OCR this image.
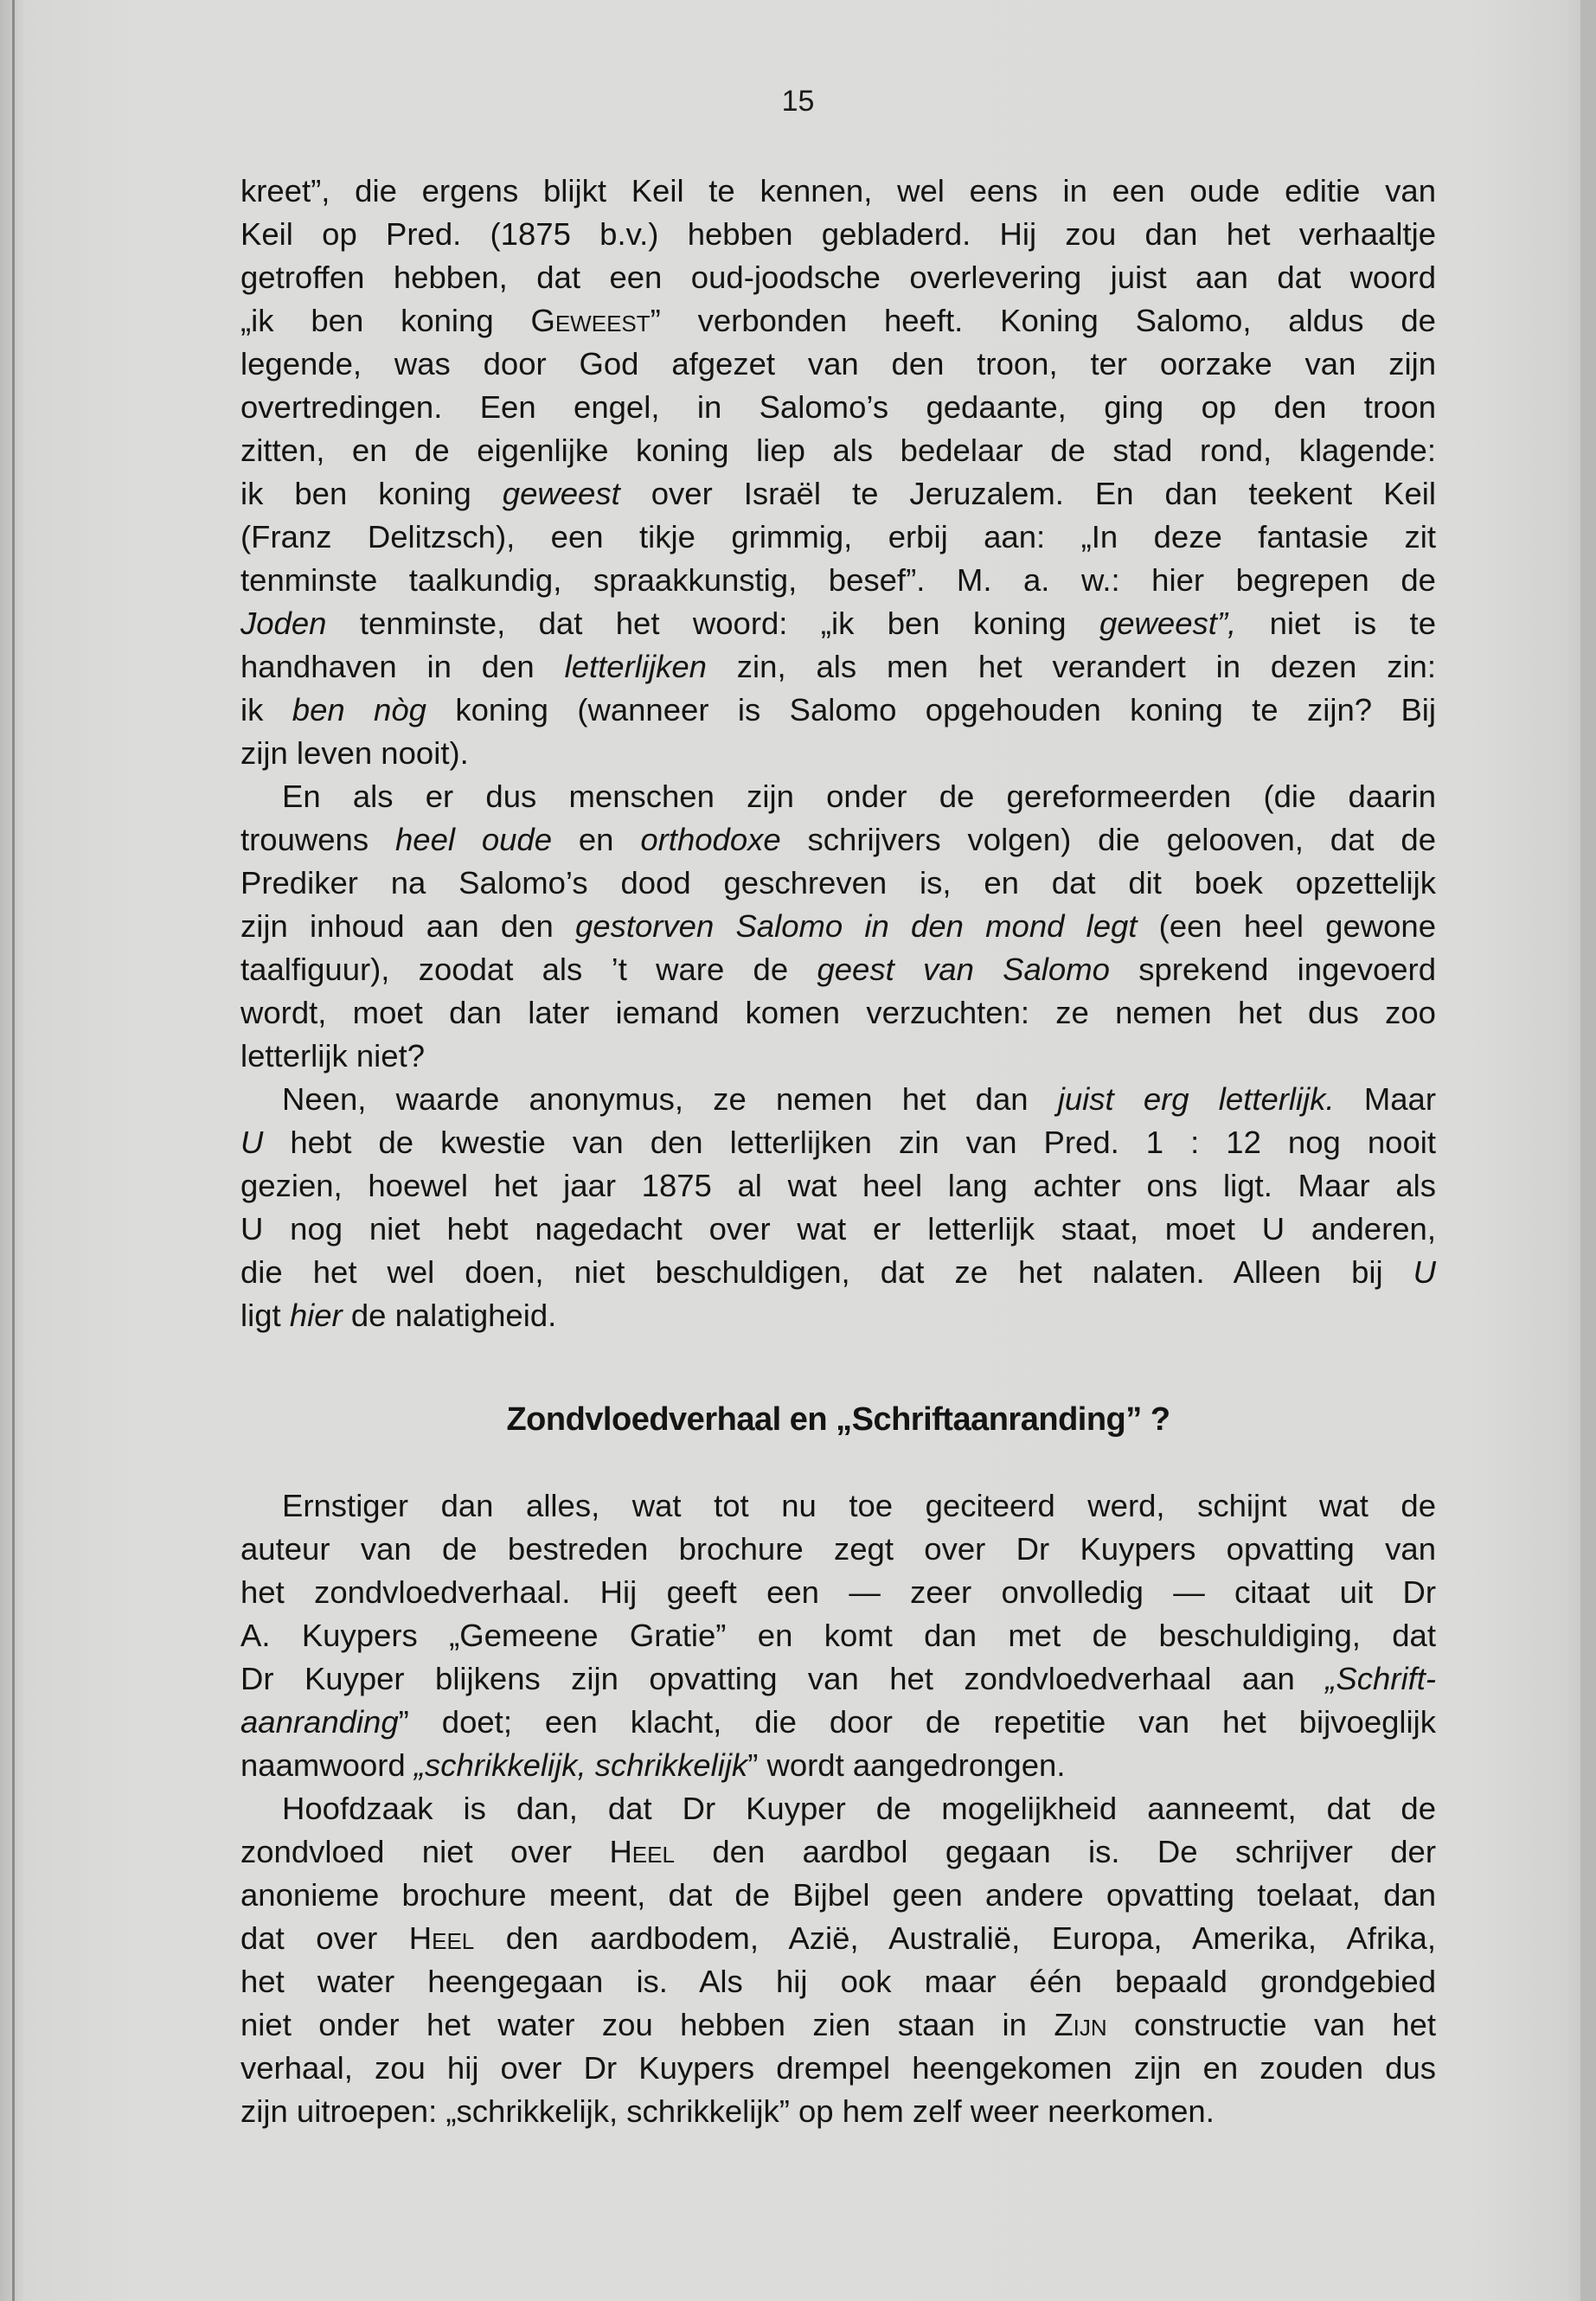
15
kreet”, die ergens blijkt Keil te kennen, wel eens in een oude editie van
Keil op Pred. (1875 b.v.) hebben gebladerd. Hij zou dan het verhaaltje
getroffen hebben, dat een oud-joodsche overlevering juist aan dat woord
„ik ben koning Geweest” verbonden heeft. Koning Salomo, aldus de
legende, was door God afgezet van den troon, ter oorzake van zijn
overtredingen. Een engel, in Salomo’s gedaante, ging op den troon
zitten, en de eigenlijke koning liep als bedelaar de stad rond, klagende:
ik ben koning geweest over Israël te Jeruzalem. En dan teekent Keil
(Franz Delitzsch), een tikje grimmig, erbij aan: „In deze fantasie zit
tenminste taalkundig, spraakkunstig, besef”. M. a. w.: hier begrepen de
Joden tenminste, dat het woord: „ik ben koning geweest”, niet is te
handhaven in den letterlijken zin, als men het verandert in dezen zin:
ik ben nòg koning (wanneer is Salomo opgehouden koning te zijn? Bij
zijn leven nooit).
En als er dus menschen zijn onder de gereformeerden (die daarin
trouwens heel oude en orthodoxe schrijvers volgen) die gelooven, dat de
Prediker na Salomo’s dood geschreven is, en dat dit boek opzettelijk
zijn inhoud aan den gestorven Salomo in den mond legt (een heel gewone
taalfiguur), zoodat als ’t ware de geest van Salomo sprekend ingevoerd
wordt, moet dan later iemand komen verzuchten: ze nemen het dus zoo
letterlijk niet?
Neen, waarde anonymus, ze nemen het dan juist erg letterlijk. Maar
U hebt de kwestie van den letterlijken zin van Pred. 1 : 12 nog nooit
gezien, hoewel het jaar 1875 al wat heel lang achter ons ligt. Maar als
U nog niet hebt nagedacht over wat er letterlijk staat, moet U anderen,
die het wel doen, niet beschuldigen, dat ze het nalaten. Alleen bij U
ligt hier de nalatigheid.
Zondvloedverhaal en „Schriftaanranding” ?
Ernstiger dan alles, wat tot nu toe geciteerd werd, schijnt wat de
auteur van de bestreden brochure zegt over Dr Kuypers opvatting van
het zondvloedverhaal. Hij geeft een — zeer onvolledig — citaat uit Dr
A. Kuypers „Gemeene Gratie” en komt dan met de beschuldiging, dat
Dr Kuyper blijkens zijn opvatting van het zondvloedverhaal aan „Schrift-
aanranding” doet; een klacht, die door de repetitie van het bijvoeglijk
naamwoord „schrikkelijk, schrikkelijk” wordt aangedrongen.
Hoofdzaak is dan, dat Dr Kuyper de mogelijkheid aanneemt, dat de
zondvloed niet over Heel den aardbol gegaan is. De schrijver der
anonieme brochure meent, dat de Bijbel geen andere opvatting toelaat, dan
dat over Heel den aardbodem, Azië, Australië, Europa, Amerika, Afrika,
het water heengegaan is. Als hij ook maar één bepaald grondgebied
niet onder het water zou hebben zien staan in Zijn constructie van het
verhaal, zou hij over Dr Kuypers drempel heengekomen zijn en zouden dus
zijn uitroepen: „schrikkelijk, schrikkelijk” op hem zelf weer neerkomen.
